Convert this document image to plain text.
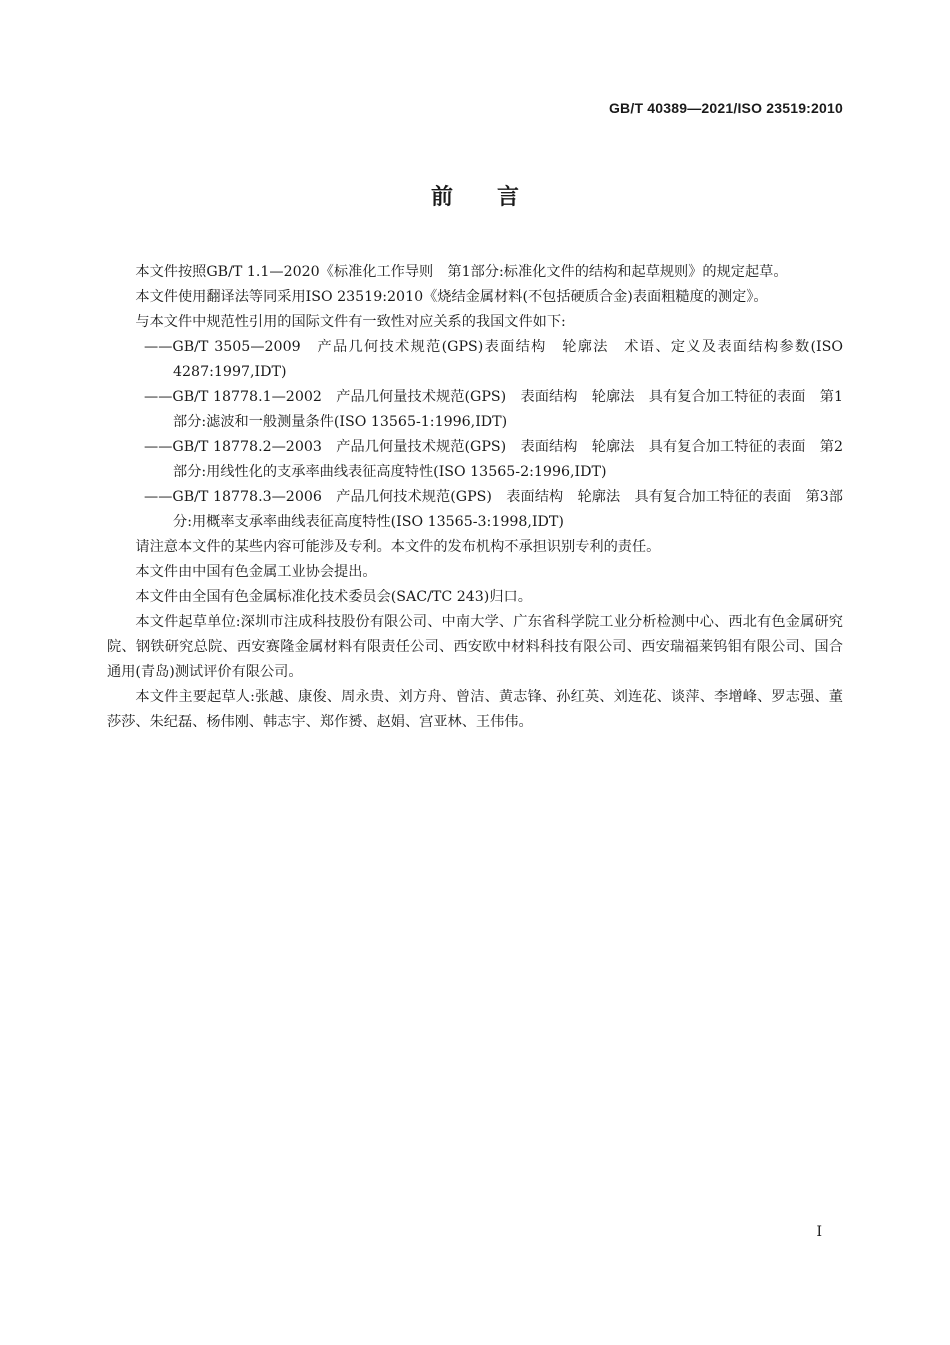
GB/T 40389—2021/ISO 23519:2010
前言

本文件按照GB/T 1.1—2020《标准化工作导则　第1部分:标准化文件的结构和起草规则》的规定起草。

本文件使用翻译法等同采用ISO 23519:2010《烧结金属材料(不包括硬质合金)表面粗糙度的测定》。

与本文件中规范性引用的国际文件有一致性对应关系的我国文件如下:

——GB/T 3505—2009　产品几何技术规范(GPS)表面结构　轮廓法　术语、定义及表面结构参数(ISO 4287:1997,IDT)

——GB/T 18778.1—2002　产品几何量技术规范(GPS)　表面结构　轮廓法　具有复合加工特征的表面　第1部分:滤波和一般测量条件(ISO 13565-1:1996,IDT)

——GB/T 18778.2—2003　产品几何量技术规范(GPS)　表面结构　轮廓法　具有复合加工特征的表面　第2部分:用线性化的支承率曲线表征高度特性(ISO 13565-2:1996,IDT)

——GB/T 18778.3—2006　产品几何技术规范(GPS)　表面结构　轮廓法　具有复合加工特征的表面　第3部分:用概率支承率曲线表征高度特性(ISO 13565-3:1998,IDT)

请注意本文件的某些内容可能涉及专利。本文件的发布机构不承担识别专利的责任。

本文件由中国有色金属工业协会提出。

本文件由全国有色金属标准化技术委员会(SAC/TC 243)归口。

本文件起草单位:深圳市注成科技股份有限公司、中南大学、广东省科学院工业分析检测中心、西北有色金属研究院、钢铁研究总院、西安赛隆金属材料有限责任公司、西安欧中材料科技有限公司、西安瑞福莱钨钼有限公司、国合通用(青岛)测试评价有限公司。

本文件主要起草人:张越、康俊、周永贵、刘方舟、曾洁、黄志锋、孙红英、刘连花、谈萍、李增峰、罗志强、董莎莎、朱纪磊、杨伟刚、韩志宇、郑作赟、赵娟、宫亚林、王伟伟。

I
